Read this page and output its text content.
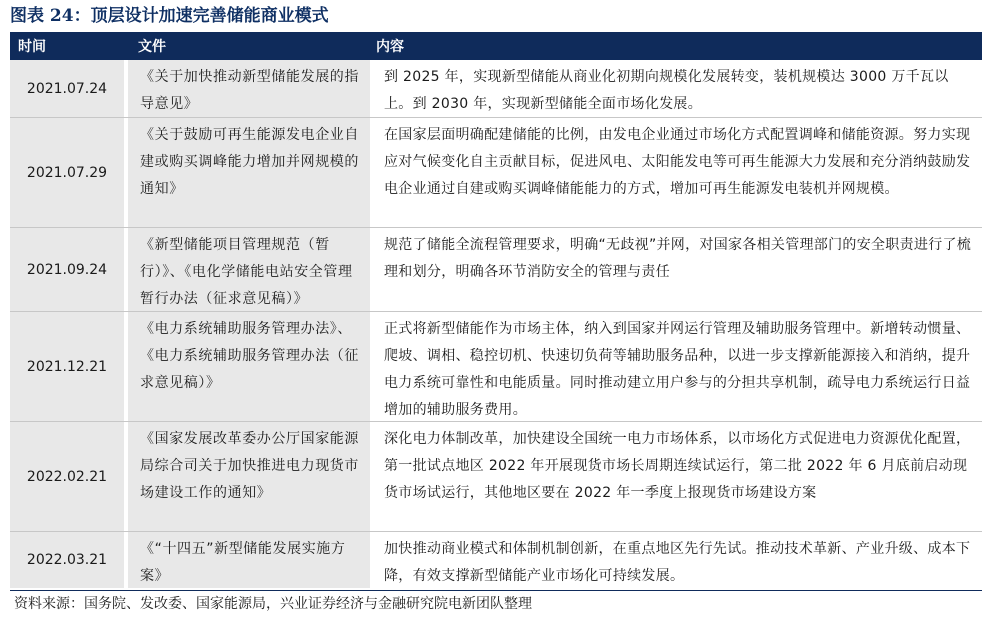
图表 24：顶层设计加速完善储能商业模式
时间	文件	内容
2021.07.24
《关于加快推动新型储能发展的指导意见》
到 2025 年，实现新型储能从商业化初期向规模化发展转变，装机规模达 3000 万千瓦以上。到 2030 年，实现新型储能全面市场化发展。
2021.07.29
《关于鼓励可再生能源发电企业自建或购买调峰能力增加并网规模的通知》
在国家层面明确配建储能的比例，由发电企业通过市场化方式配置调峰和储能资源。努力实现应对气候变化自主贡献目标，促进风电、太阳能发电等可再生能源大力发展和充分消纳鼓励发电企业通过自建或购买调峰储能能力的方式，增加可再生能源发电装机并网规模。
2021.09.24
《新型储能项目管理规范（暂行）》、《电化学储能电站安全管理暂行办法（征求意见稿）》
规范了储能全流程管理要求，明确“无歧视”并网，对国家各相关管理部门的安全职责进行了梳理和划分，明确各环节消防安全的管理与责任
2021.12.21
《电力系统辅助服务管理办法》、《电力系统辅助服务管理办法（征求意见稿）》
正式将新型储能作为市场主体，纳入到国家并网运行管理及辅助服务管理中。新增转动惯量、爬坡、调相、稳控切机、快速切负荷等辅助服务品种，以进一步支撑新能源接入和消纳，提升电力系统可靠性和电能质量。同时推动建立用户参与的分担共享机制，疏导电力系统运行日益增加的辅助服务费用。
2022.02.21
《国家发展改革委办公厅国家能源局综合司关于加快推进电力现货市场建设工作的通知》
深化电力体制改革，加快建设全国统一电力市场体系，以市场化方式促进电力资源优化配置，第一批试点地区 2022 年开展现货市场长周期连续试运行，第二批 2022 年 6 月底前启动现货市场试运行，其他地区要在 2022 年一季度上报现货市场建设方案
2022.03.21
《“十四五”新型储能发展实施方案》
加快推动商业模式和体制机制创新，在重点地区先行先试。推动技术革新、产业升级、成本下降，有效支撑新型储能产业市场化可持续发展。
资料来源：国务院、发改委、国家能源局，兴业证券经济与金融研究院电新团队整理
